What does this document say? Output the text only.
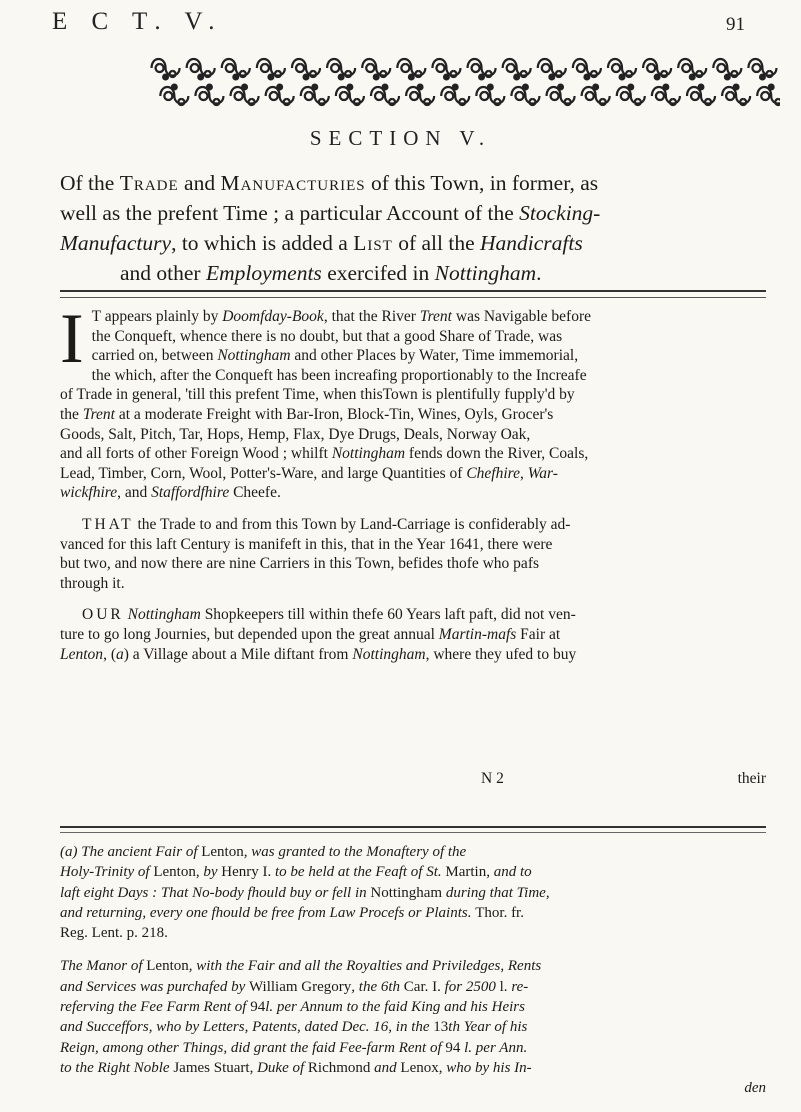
E C T. V.	91
SECTION V.
Of the Trade and Manufacturies of this Town, in former, as
well as the prefent Time ; a particular Account of the Stocking-
Manufactury, to which is added a List of all the Handicrafts
and other Employments exercifed in Nottingham.

I T appears plainly by Doomfday-Book, that the River Trent was Navigable before
the Conqueft, whence there is no doubt, but that a good Share of Trade, was
carried on, between Nottingham and other Places by Water, Time immemorial,
the which, after the Conqueft has been increafing proportionably to the Increafe
of Trade in general, 'till this prefent Time, when thisTown is plentifully fupply'd by
the Trent at a moderate Freight with Bar-Iron, Block-Tin, Wines, Oyls, Grocer's
Goods, Salt, Pitch, Tar, Hops, Hemp, Flax, Dye Drugs, Deals, Norway Oak,
and all forts of other Foreign Wood ; whilft Nottingham fends down the River, Coals,
Lead, Timber, Corn, Wool, Potter's-Ware, and large Quantities of Chefhire, War-
wickfhire, and Staffordfhire Cheefe.

THAT the Trade to and from this Town by Land-Carriage is confiderably ad-
vanced for this laft Century is manifeft in this, that in the Year 1641, there were
but two, and now there are nine Carriers in this Town, befides thofe who pafs
through it.

OUR Nottingham Shopkeepers till within thefe 60 Years laft paft, did not ven-
ture to go long Journies, but depended upon the great annual Martin-mafs Fair at
Lenton, (a) a Village about a Mile diftant from Nottingham, where they ufed to buy

N 2	their

(a) The ancient Fair of Lenton, was granted to the Monaftery of the
Holy-Trinity of Lenton, by Henry I. to be held at the Feaft of St. Martin, and to
laft eight Days : That No-body fhould buy or fell in Nottingham during that Time,
and returning, every one fhould be free from Law Procefs or Plaints. Thor. fr.
Reg. Lent. p. 218.

The Manor of Lenton, with the Fair and all the Royalties and Priviledges, Rents
and Services was purchafed by William Gregory, the 6th Car. I. for 2500 l. re-
referving the Fee Farm Rent of 94l. per Annum to the faid King and his Heirs
and Succeffors, who by Letters, Patents, dated Dec. 16, in the 13th Year of his
Reign, among other Things, did grant the faid Fee-farm Rent of 94 l. per Ann.
to the Right Noble James Stuart, Duke of Richmond and Lenox, who by his In-
den
